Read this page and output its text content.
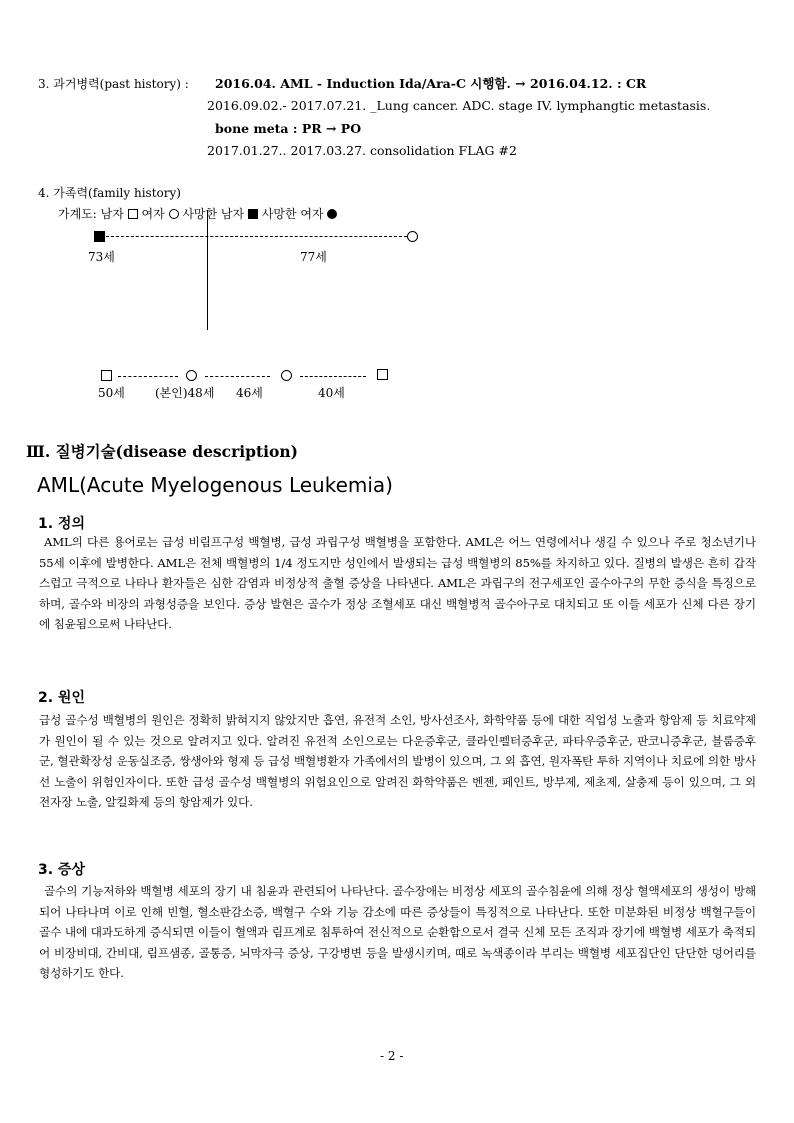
3. 과거병력(past history) : 2016.04. AML - Induction Ida/Ara-C 시행함. → 2016.04.12. : CR
2016.09.02.- 2017.07.21. _Lung cancer. ADC. stage IV. lymphangtic metastasis.
bone meta : PR → PO
2017.01.27.. 2017.03.27. consolidation FLAG #2
4. 가족력(family history)
가계도: 남자 여자 사망한 남자 사망한 여자
73세	77세
50세	(본인)48세 46세	40세
Ⅲ. 질병기술(disease description)
AML(Acute Myelogenous Leukemia)
1. 정의
AML의 다른 용어로는 급성 비림프구성 백혈병, 급성 과립구성 백혈병을 포함한다. AML은 어느 연령에서나 생길 수 있으나 주로 청소년기나 55세 이후에 발병한다. AML은 전체 백혈병의 1/4 정도지만 성인에서 발생되는 급성 백혈병의 85%를 차지하고 있다. 질병의 발생은 흔히 갑작스럽고 극적으로 나타나 환자들은 심한 감염과 비정상적 출혈 증상을 나타낸다. AML은 과립구의 전구세포인 골수아구의 무한 증식을 특징으로 하며, 골수와 비장의 과형성증을 보인다. 증상 발현은 골수가 정상 조혈세포 대신 백혈병적 골수아구로 대치되고 또 이들 세포가 신체 다른 장기에 침윤됨으로써 나타난다.
2. 원인
급성 골수성 백혈병의 원인은 정확히 밝혀지지 않았지만 흡연, 유전적 소인, 방사선조사, 화학약품 등에 대한 직업성 노출과 항암제 등 치료약제가 원인이 될 수 있는 것으로 알려지고 있다. 알려진 유전적 소인으로는 다운증후군, 클라인펠터증후군, 파타우증후군, 판코니증후군, 블룸증후군, 혈관확장성 운동실조증, 쌍생아와 형제 등 급성 백혈병환자 가족에서의 발병이 있으며, 그 외 흡연, 원자폭탄 투하 지역이나 치료에 의한 방사선 노출이 위험인자이다. 또한 급성 골수성 백혈병의 위험요인으로 알려진 화학약품은 벤젠, 페인트, 방부제, 제초제, 살충제 등이 있으며, 그 외 전자장 노출, 알킬화제 등의 항암제가 있다.
3. 증상
골수의 기능저하와 백혈병 세포의 장기 내 침윤과 관련되어 나타난다. 골수장애는 비정상 세포의 골수침윤에 의해 정상 혈액세포의 생성이 방해되어 나타나며 이로 인해 빈혈, 혈소판감소증, 백혈구 수와 기능 감소에 따른 증상들이 특징적으로 나타난다. 또한 미분화된 비정상 백혈구들이 골수 내에 대과도하게 증식되면 이들이 혈액과 림프계로 침투하여 전신적으로 순환함으로서 결국 신체 모든 조직과 장기에 백혈병 세포가 축적되어 비장비대, 간비대, 림프샘종, 골통증, 뇌막자극 증상, 구강병변 등을 발생시키며, 때로 녹색종이라 부리는 백혈병 세포집단인 단단한 덩어리를 형성하기도 한다.
- 2 -
